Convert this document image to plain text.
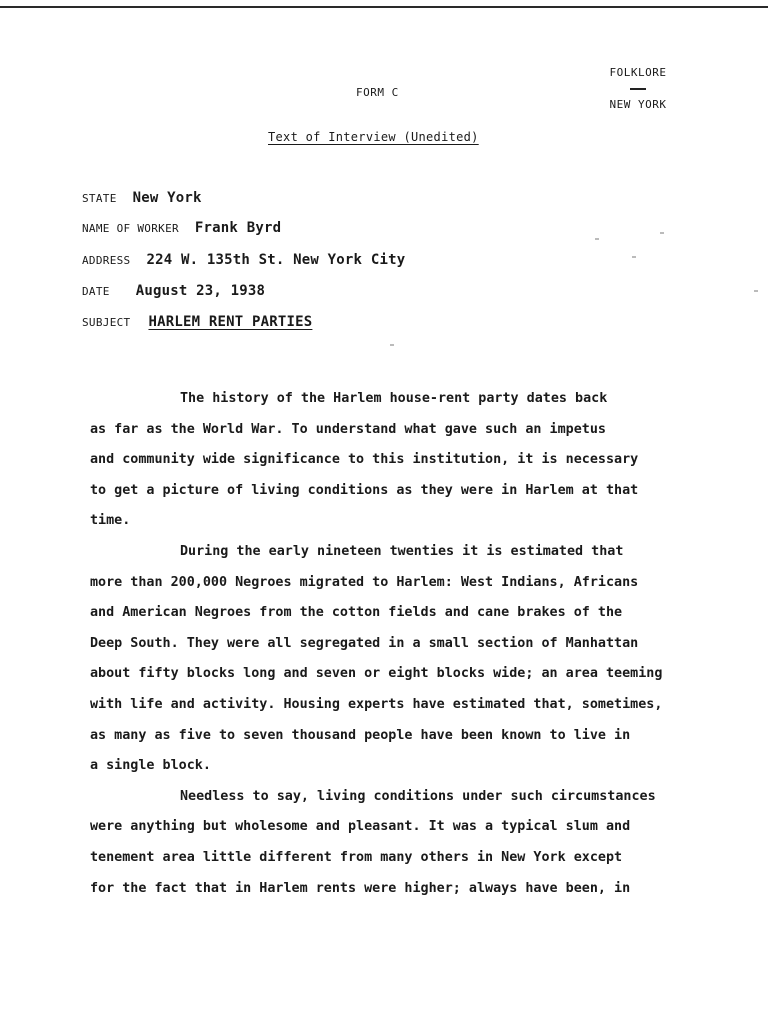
FOLKLORE
NEW YORK
FORM C
Text of Interview (Unedited)
STATE New York
NAME OF WORKER Frank Byrd
ADDRESS 224 W. 135th St. New York City
DATE August 23, 1938
SUBJECT HARLEM RENT PARTIES
The history of the Harlem house-rent party dates back
as far as the World War. To understand what gave such an impetus
and community wide significance to this institution, it is necessary
to get a picture of living conditions as they were in Harlem at that
time.
During the early nineteen twenties it is estimated that
more than 200,000 Negroes migrated to Harlem: West Indians, Africans
and American Negroes from the cotton fields and cane brakes of the
Deep South. They were all segregated in a small section of Manhattan
about fifty blocks long and seven or eight blocks wide; an area teeming
with life and activity. Housing experts have estimated that, sometimes,
as many as five to seven thousand people have been known to live in
a single block.
Needless to say, living conditions under such circumstances
were anything but wholesome and pleasant. It was a typical slum and
tenement area little different from many others in New York except
for the fact that in Harlem rents were higher; always have been, in
